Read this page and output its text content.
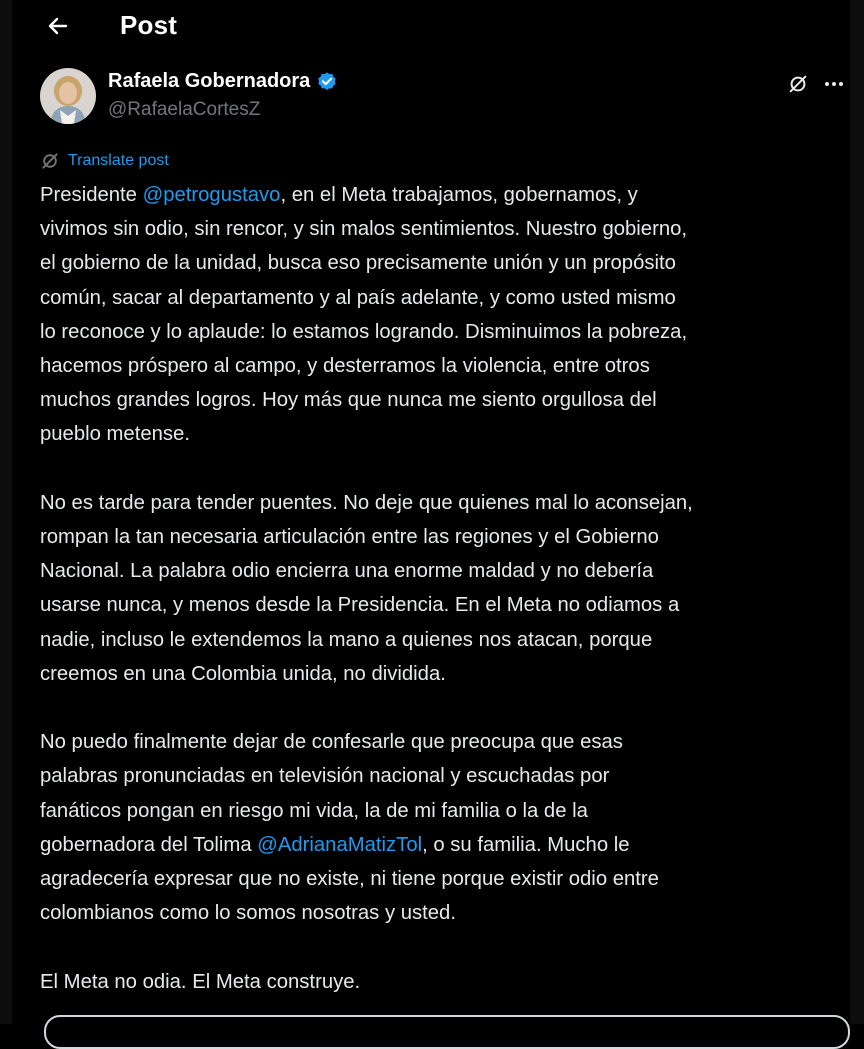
Post
Rafaela Gobernadora
@RafaelaCortesZ
Translate post

Presidente @petrogustavo, en el Meta trabajamos, gobernamos, y
vivimos sin odio, sin rencor, y sin malos sentimientos. Nuestro gobierno,
el gobierno de la unidad, busca eso precisamente unión y un propósito
común, sacar al departamento y al país adelante, y como usted mismo
lo reconoce y lo aplaude: lo estamos logrando. Disminuimos la pobreza,
hacemos próspero al campo, y desterramos la violencia, entre otros
muchos grandes logros. Hoy más que nunca me siento orgullosa del
pueblo metense.

No es tarde para tender puentes. No deje que quienes mal lo aconsejan,
rompan la tan necesaria articulación entre las regiones y el Gobierno
Nacional. La palabra odio encierra una enorme maldad y no debería
usarse nunca, y menos desde la Presidencia. En el Meta no odiamos a
nadie, incluso le extendemos la mano a quienes nos atacan, porque
creemos en una Colombia unida, no dividida.

No puedo finalmente dejar de confesarle que preocupa que esas
palabras pronunciadas en televisión nacional y escuchadas por
fanáticos pongan en riesgo mi vida, la de mi familia o la de la
gobernadora del Tolima @AdrianaMatizTol, o su familia. Mucho le
agradecería expresar que no existe, ni tiene porque existir odio entre
colombianos como lo somos nosotras y usted.

El Meta no odia. El Meta construye.
